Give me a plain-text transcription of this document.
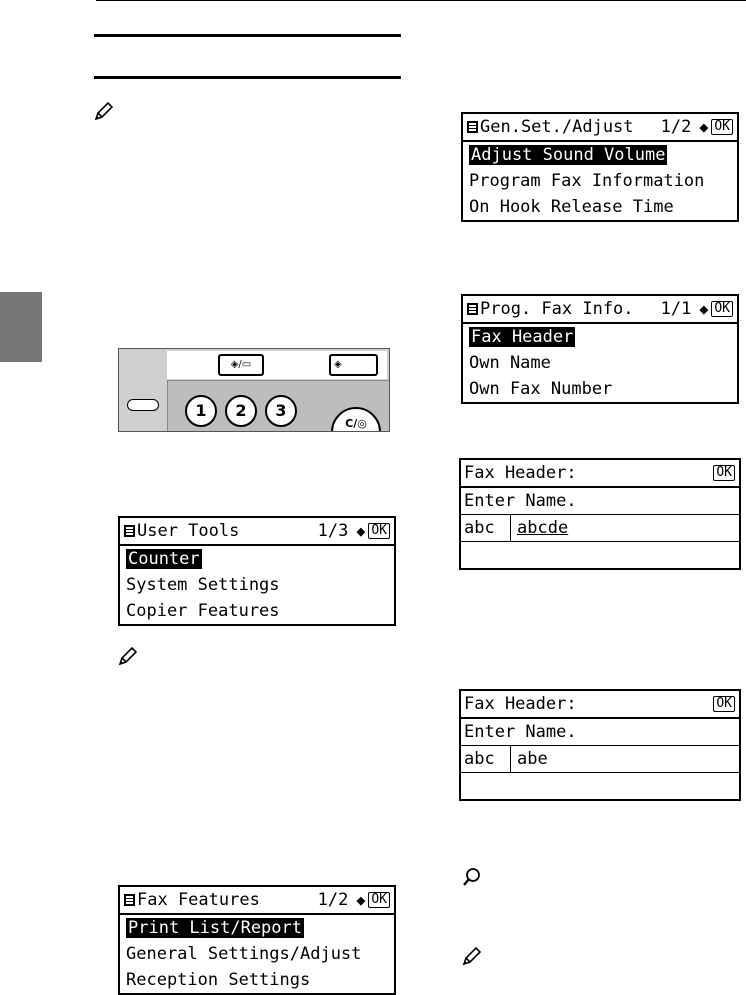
◈/▭	◈
1	2	3
C/◎
User Tools	1/3 ◆ OK
Counter
System Settings
Copier Features
Fax Features	1/2 ◆ OK
Print List/Report
General Settings/Adjust
Reception Settings
Gen.Set./Adjust 1/2 ◆ OK
Adjust Sound Volume
Program Fax Information
On Hook Release Time
Prog. Fax Info. 1/1 ◆ OK
Fax Header
Own Name
Own Fax Number
Fax Header:	OK
Enter Name.
abc	abcde
Fax Header:	OK
Enter Name.
abc	abe
